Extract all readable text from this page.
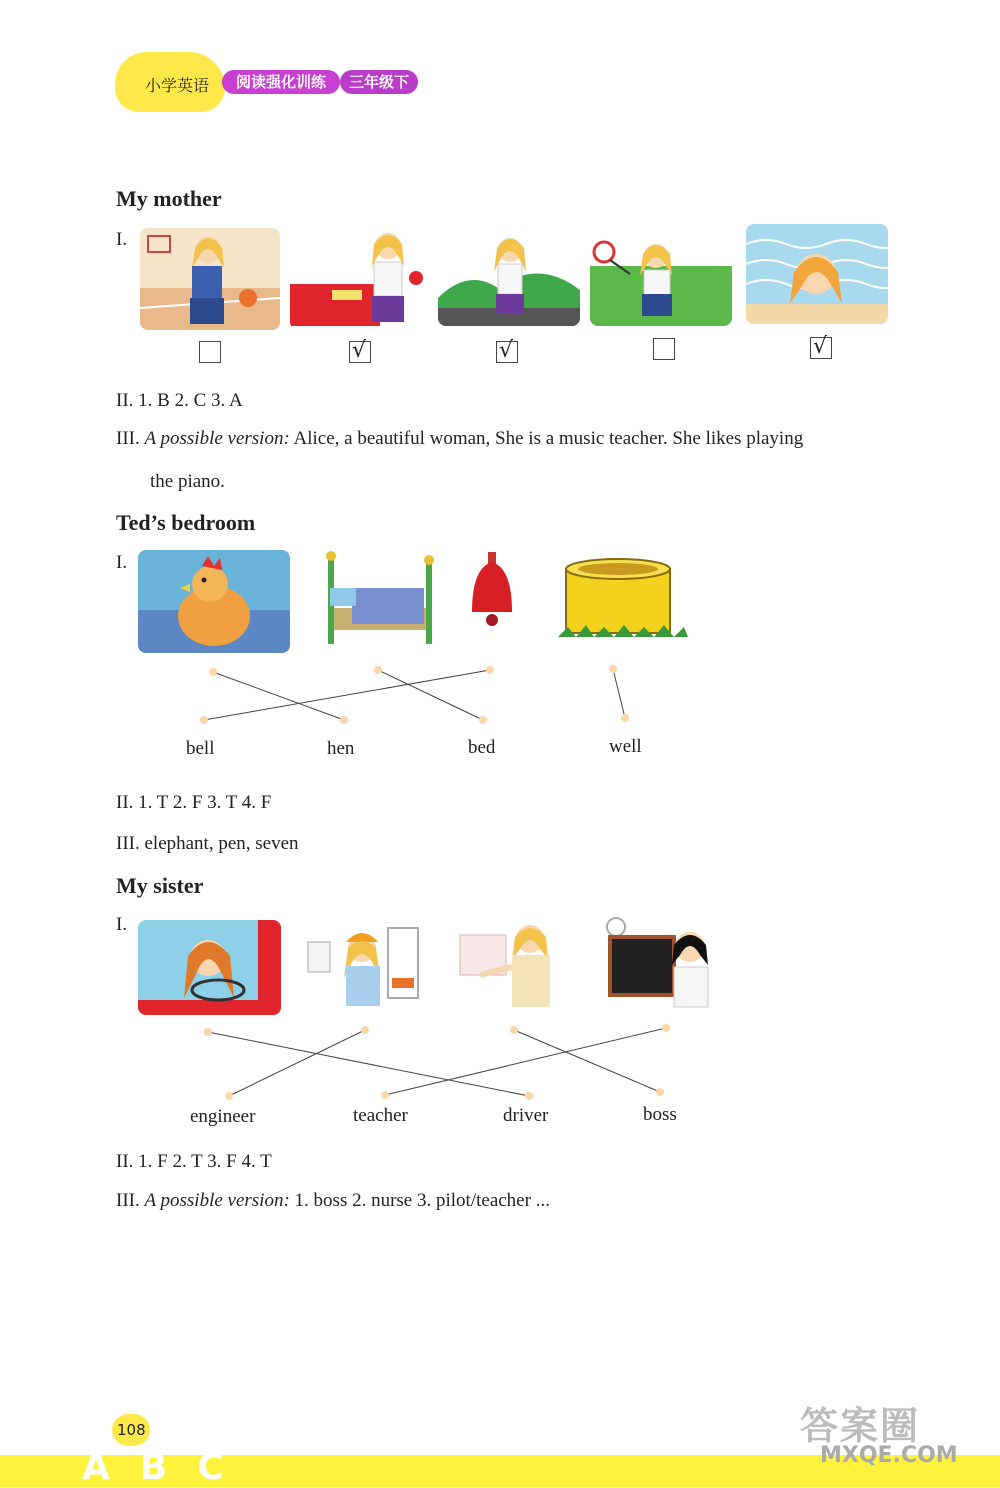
小学英语	阅读强化训练	三年级下
My mother
I.
√	√	√
II. 1. B 2. C 3. A
III. A possible version: Alice, a beautiful woman, She is a music teacher. She likes playing
the piano.
Ted’s bedroom
I.
bell	hen	bed	well
II. 1. T 2. F 3. T 4. F
III. elephant, pen, seven
My sister
I.
engineer	teacher	driver	boss
II. 1. F 2. T 3. F 4. T
III. A possible version: 1. boss 2. nurse 3. pilot/teacher ...
108
ABC
答案圈
MXQE.COM
